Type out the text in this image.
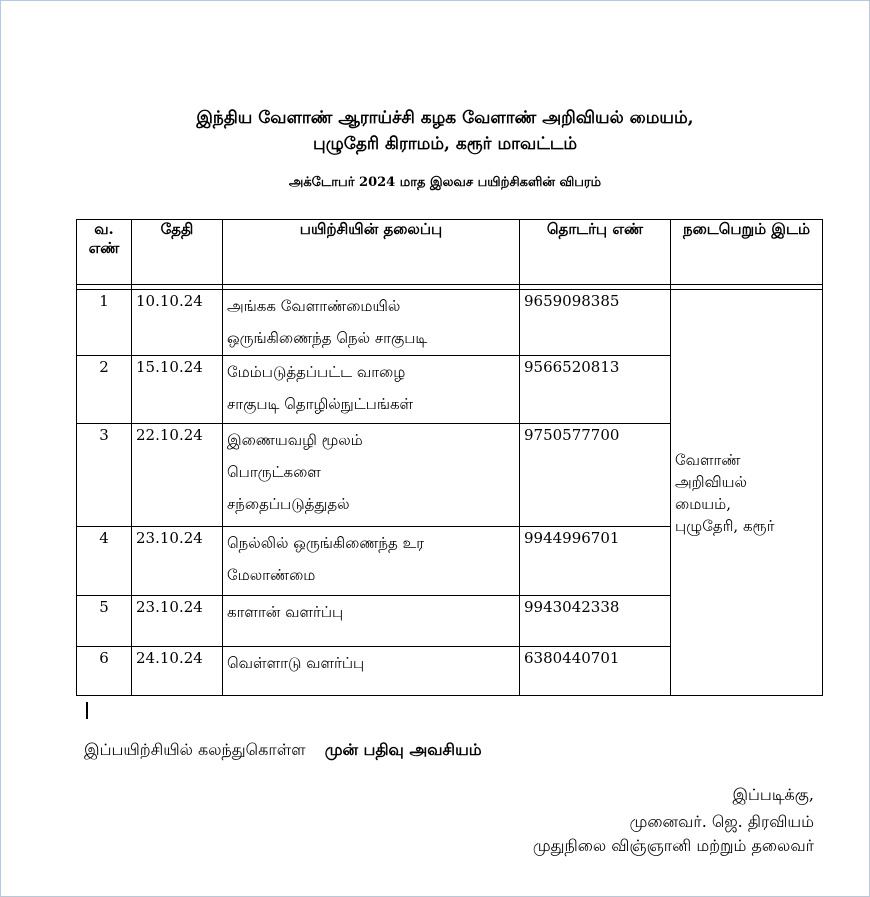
இந்திய வேளாண் ஆராய்ச்சி கழக வேளாண் அறிவியல் மையம்,
புழுதேரி கிராமம், கரூர் மாவட்டம்
அக்டோபர் 2024 மாத இலவச பயிற்சிகளின் விபரம்
வ. எண்	தேதி	பயிற்சியின் தலைப்பு	தொடர்பு எண்	நடைபெறும் இடம்

1	10.10.24	அங்கக வேளாண்மையில்
ஒருங்கிணைந்த நெல் சாகுபடி	9659098385	வேளாண்
அறிவியல்
மையம்,
புழுதேரி, கரூர்

2	15.10.24	மேம்படுத்தப்பட்ட வாழை
சாகுபடி தொழில்நுட்பங்கள்	9566520813	
3	22.10.24	இணையவழி மூலம்
பொருட்களை
சந்தைப்படுத்துதல்	9750577700	
4	23.10.24	நெல்லில் ஒருங்கிணைந்த உர
மேலாண்மை	9944996701	
5	23.10.24	காளான் வளர்ப்பு	9943042338	
6	24.10.24	வெள்ளாடு வளர்ப்பு	6380440701	
இப்பயிற்சியில் கலந்துகொள்ள முன் பதிவு அவசியம்
இப்படிக்கு,
முனைவர். ஜெ. திரவியம்
முதுநிலை விஞ்ஞானி மற்றும் தலைவர்
